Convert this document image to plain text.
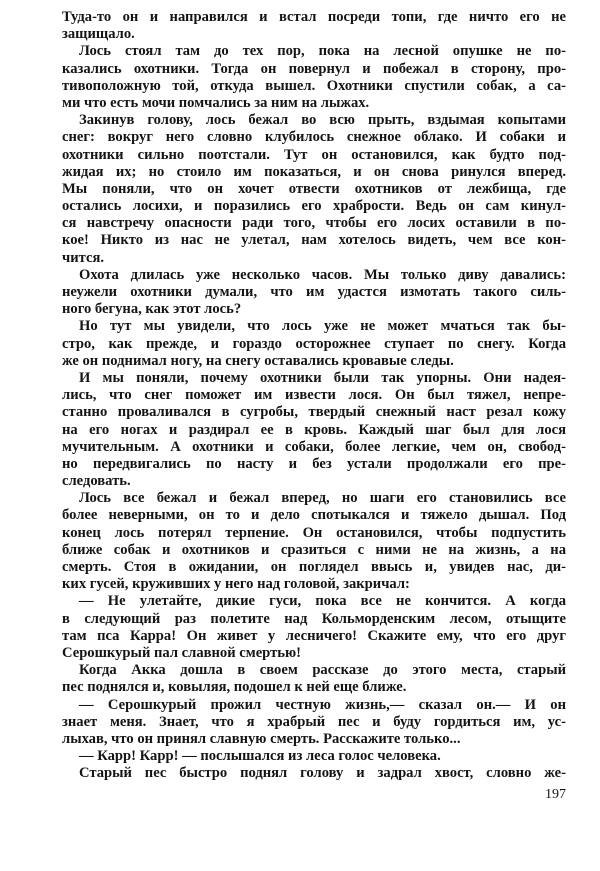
Туда-то он и направился и встал посреди топи, где ничто его не
защищало.
Лось стоял там до тех пор, пока на лесной опушке не по-
казались охотники. Тогда он повернул и побежал в сторону, про-
тивоположную той, откуда вышел. Охотники спустили собак, а са-
ми что есть мочи помчались за ним на лыжах.
Закинув голову, лось бежал во всю прыть, вздымая копытами
снег: вокруг него словно клубилось снежное облако. И собаки и
охотники сильно поотстали. Тут он остановился, как будто под-
жидая их; но стоило им показаться, и он снова ринулся вперед.
Мы поняли, что он хочет отвести охотников от лежбища, где
остались лосихи, и поразились его храбрости. Ведь он сам кинул-
ся навстречу опасности ради того, чтобы его лосих оставили в по-
кое! Никто из нас не улетал, нам хотелось видеть, чем все кон-
чится.
Охота длилась уже несколько часов. Мы только диву давались:
неужели охотники думали, что им удастся измотать такого силь-
ного бегуна, как этот лось?
Но тут мы увидели, что лось уже не может мчаться так бы-
стро, как прежде, и гораздо осторожнее ступает по снегу. Когда
же он поднимал ногу, на снегу оставались кровавые следы.
И мы поняли, почему охотники были так упорны. Они надея-
лись, что снег поможет им извести лося. Он был тяжел, непре-
станно проваливался в сугробы, твердый снежный наст резал кожу
на его ногах и раздирал ее в кровь. Каждый шаг был для лося
мучительным. А охотники и собаки, более легкие, чем он, свобод-
но передвигались по насту и без устали продолжали его пре-
следовать.
Лось все бежал и бежал вперед, но шаги его становились все
более неверными, он то и дело спотыкался и тяжело дышал. Под
конец лось потерял терпение. Он остановился, чтобы подпустить
ближе собак и охотников и сразиться с ними не на жизнь, а на
смерть. Стоя в ожидании, он поглядел ввысь и, увидев нас, ди-
ких гусей, круживших у него над головой, закричал:
— Не улетайте, дикие гуси, пока все не кончится. А когда
в следующий раз полетите над Кольморденским лесом, отыщите
там пса Карра! Он живет у лесничего! Скажите ему, что его друг
Серошкурый пал славной смертью!
Когда Акка дошла в своем рассказе до этого места, старый
пес поднялся и, ковыляя, подошел к ней еще ближе.
— Серошкурый прожил честную жизнь,— сказал он.— И он
знает меня. Знает, что я храбрый пес и буду гордиться им, ус-
лыхав, что он принял славную смерть. Расскажите только...
— Карр! Карр! — послышался из леса голос человека.
Старый пес быстро поднял голову и задрал хвост, словно же-
197
